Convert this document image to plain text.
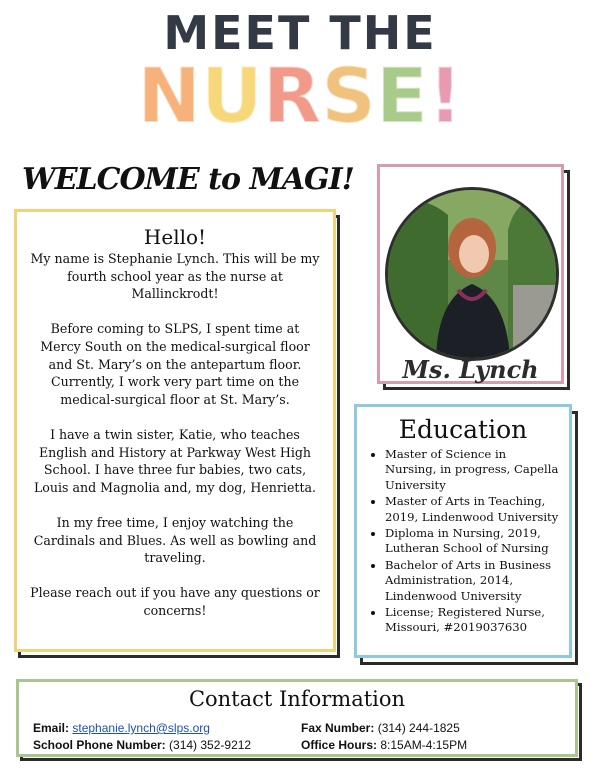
MEET THE
NURSE!
WELCOME to MAGI!
Hello!

My name is Stephanie Lynch. This will be my fourth school year as the nurse at Mallinckrodt!

Before coming to SLPS, I spent time at Mercy South on the medical-surgical floor and St. Mary’s on the antepartum floor. Currently, I work very part time on the medical-surgical floor at St. Mary’s.

I have a twin sister, Katie, who teaches English and History at Parkway West High School. I have three fur babies, two cats, Louis and Magnolia and, my dog, Henrietta.

In my free time, I enjoy watching the Cardinals and Blues. As well as bowling and traveling.

Please reach out if you have any questions or concerns!

Ms. Lynch
Education
• Master of Science in Nursing, in progress, Capella University
• Master of Arts in Teaching, 2019, Lindenwood University
• Diploma in Nursing, 2019, Lutheran School of Nursing
• Bachelor of Arts in Business Administration, 2014, Lindenwood University
• License; Registered Nurse, Missouri, #2019037630
Contact Information
Email: stephanie.lynch@slps.org
School Phone Number: (314) 352-9212
Fax Number: (314) 244-1825
Office Hours: 8:15AM-4:15PM
